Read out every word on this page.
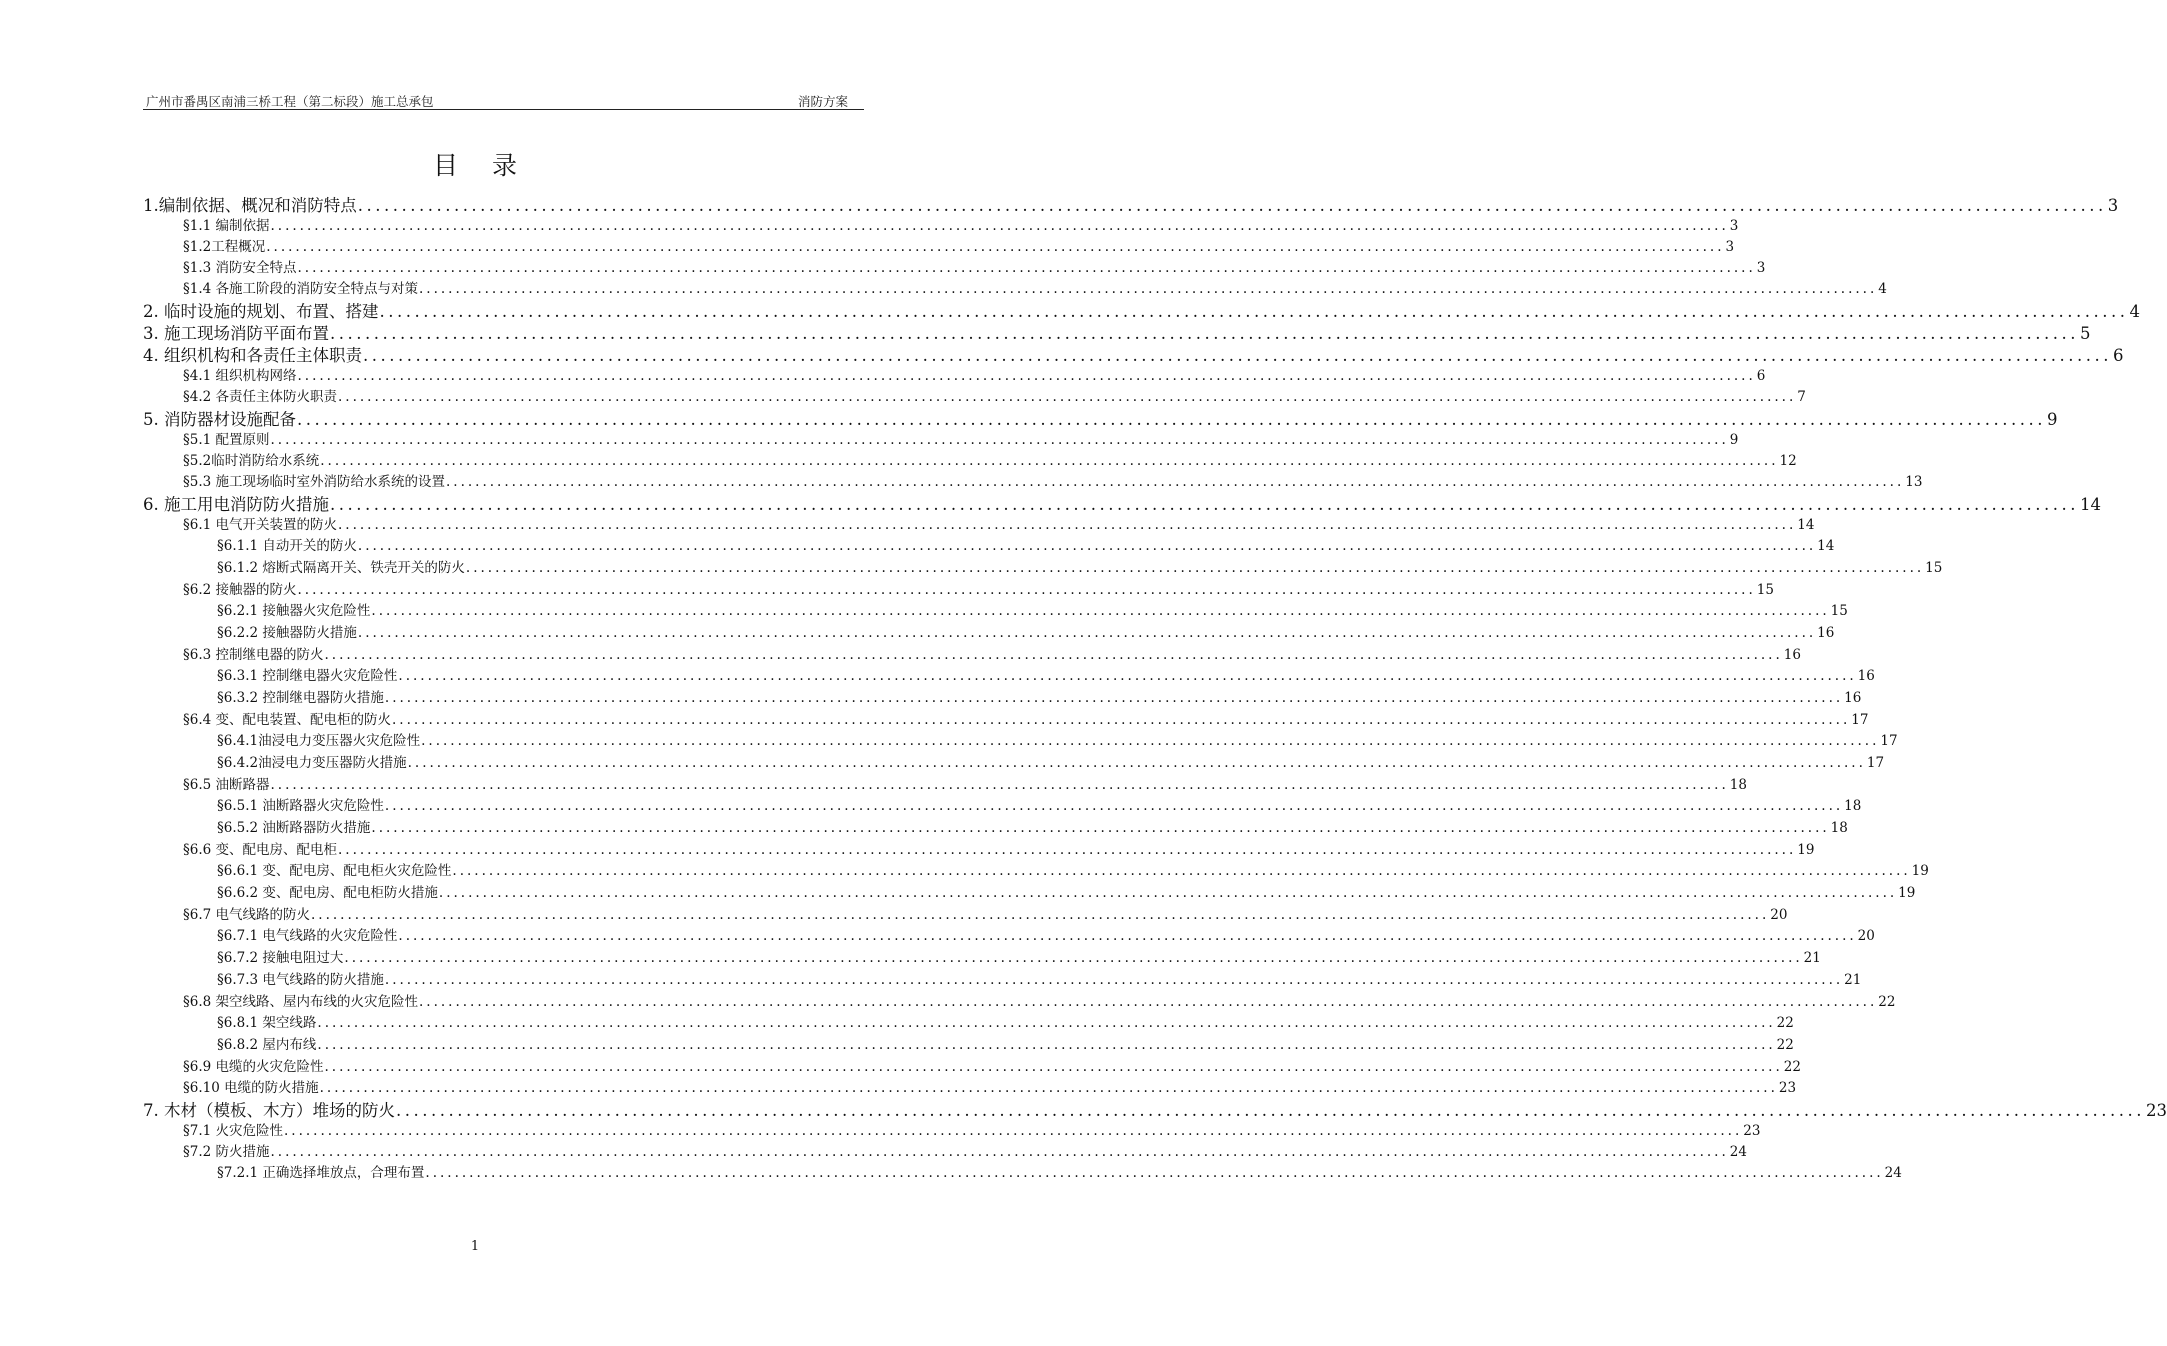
广州市番禺区南浦三桥工程（第二标段）施工总承包	消防方案
目录
1.编制依据、概况和消防特点 ........................................................................................................................................................................................................ 3
§1.1 编制依据 ........................................................................................................................................................................................................ 3
§1.2工程概况 ........................................................................................................................................................................................................ 3
§1.3 消防安全特点 ........................................................................................................................................................................................................ 3
§1.4 各施工阶段的消防安全特点与对策 ........................................................................................................................................................................................................ 4
2. 临时设施的规划、布置、搭建 ........................................................................................................................................................................................................ 4
3. 施工现场消防平面布置 ........................................................................................................................................................................................................ 5
4. 组织机构和各责任主体职责 ........................................................................................................................................................................................................ 6
§4.1 组织机构网络 ........................................................................................................................................................................................................ 6
§4.2 各责任主体防火职责 ........................................................................................................................................................................................................ 7
5. 消防器材设施配备 ........................................................................................................................................................................................................ 9
§5.1 配置原则 ........................................................................................................................................................................................................ 9
§5.2临时消防给水系统 ........................................................................................................................................................................................................ 12
§5.3 施工现场临时室外消防给水系统的设置 ........................................................................................................................................................................................................ 13
6. 施工用电消防防火措施 ........................................................................................................................................................................................................ 14
§6.1 电气开关装置的防火 ........................................................................................................................................................................................................ 14
§6.1.1 自动开关的防火 ........................................................................................................................................................................................................ 14
§6.1.2 熔断式隔离开关、铁壳开关的防火 ........................................................................................................................................................................................................ 15
§6.2 接触器的防火 ........................................................................................................................................................................................................ 15
§6.2.1 接触器火灾危险性 ........................................................................................................................................................................................................ 15
§6.2.2 接触器防火措施 ........................................................................................................................................................................................................ 16
§6.3 控制继电器的防火 ........................................................................................................................................................................................................ 16
§6.3.1 控制继电器火灾危险性 ........................................................................................................................................................................................................ 16
§6.3.2 控制继电器防火措施 ........................................................................................................................................................................................................ 16
§6.4 变、配电装置、配电柜的防火 ........................................................................................................................................................................................................ 17
§6.4.1油浸电力变压器火灾危险性 ........................................................................................................................................................................................................ 17
§6.4.2油浸电力变压器防火措施 ........................................................................................................................................................................................................ 17
§6.5 油断路器 ........................................................................................................................................................................................................ 18
§6.5.1 油断路器火灾危险性 ........................................................................................................................................................................................................ 18
§6.5.2 油断路器防火措施 ........................................................................................................................................................................................................ 18
§6.6 变、配电房、配电柜 ........................................................................................................................................................................................................ 19
§6.6.1 变、配电房、配电柜火灾危险性 ........................................................................................................................................................................................................ 19
§6.6.2 变、配电房、配电柜防火措施 ........................................................................................................................................................................................................ 19
§6.7 电气线路的防火 ........................................................................................................................................................................................................ 20
§6.7.1 电气线路的火灾危险性 ........................................................................................................................................................................................................ 20
§6.7.2 接触电阻过大 ........................................................................................................................................................................................................ 21
§6.7.3 电气线路的防火措施 ........................................................................................................................................................................................................ 21
§6.8 架空线路、屋内布线的火灾危险性 ........................................................................................................................................................................................................ 22
§6.8.1 架空线路 ........................................................................................................................................................................................................ 22
§6.8.2 屋内布线 ........................................................................................................................................................................................................ 22
§6.9 电缆的火灾危险性 ........................................................................................................................................................................................................ 22
§6.10 电缆的防火措施 ........................................................................................................................................................................................................ 23
7. 木材（模板、木方）堆场的防火 ........................................................................................................................................................................................................ 23
§7.1 火灾危险性 ........................................................................................................................................................................................................ 23
§7.2 防火措施 ........................................................................................................................................................................................................ 24
§7.2.1 正确选择堆放点，合理布置 ........................................................................................................................................................................................................ 24
1
